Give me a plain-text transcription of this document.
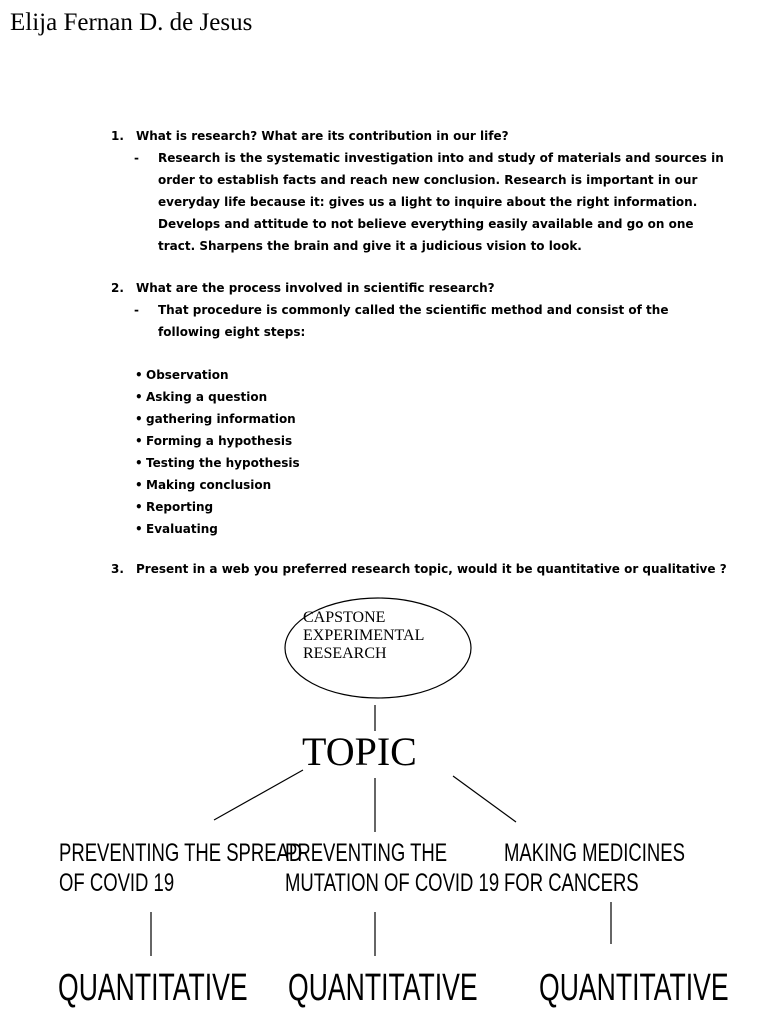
Elija Fernan D. de Jesus
1. What is research? What are its contribution in our life?
-	Research is the systematic investigation into and study of materials and sources in
order to establish facts and reach new conclusion. Research is important in our
everyday life because it: gives us a light to inquire about the right information.
Develops and attitude to not believe everything easily available and go on one
tract. Sharpens the brain and give it a judicious vision to look.
2. What are the process involved in scientific research?
-	That procedure is commonly called the scientific method and consist of the
following eight steps:
• Observation
• Asking a question
• gathering information
• Forming a hypothesis
• Testing the hypothesis
• Making conclusion
• Reporting
• Evaluating
3. Present in a web you preferred research topic, would it be quantitative or qualitative ?
CAPSTONE
EXPERIMENTAL
RESEARCH
TOPIC
PREVENTING THE SPREAD
OF COVID 19
PREVENTING THE
MUTATION OF COVID 19
MAKING MEDICINES
FOR CANCERS
QUANTITATIVE QUANTITATIVE QUANTITATIVE
